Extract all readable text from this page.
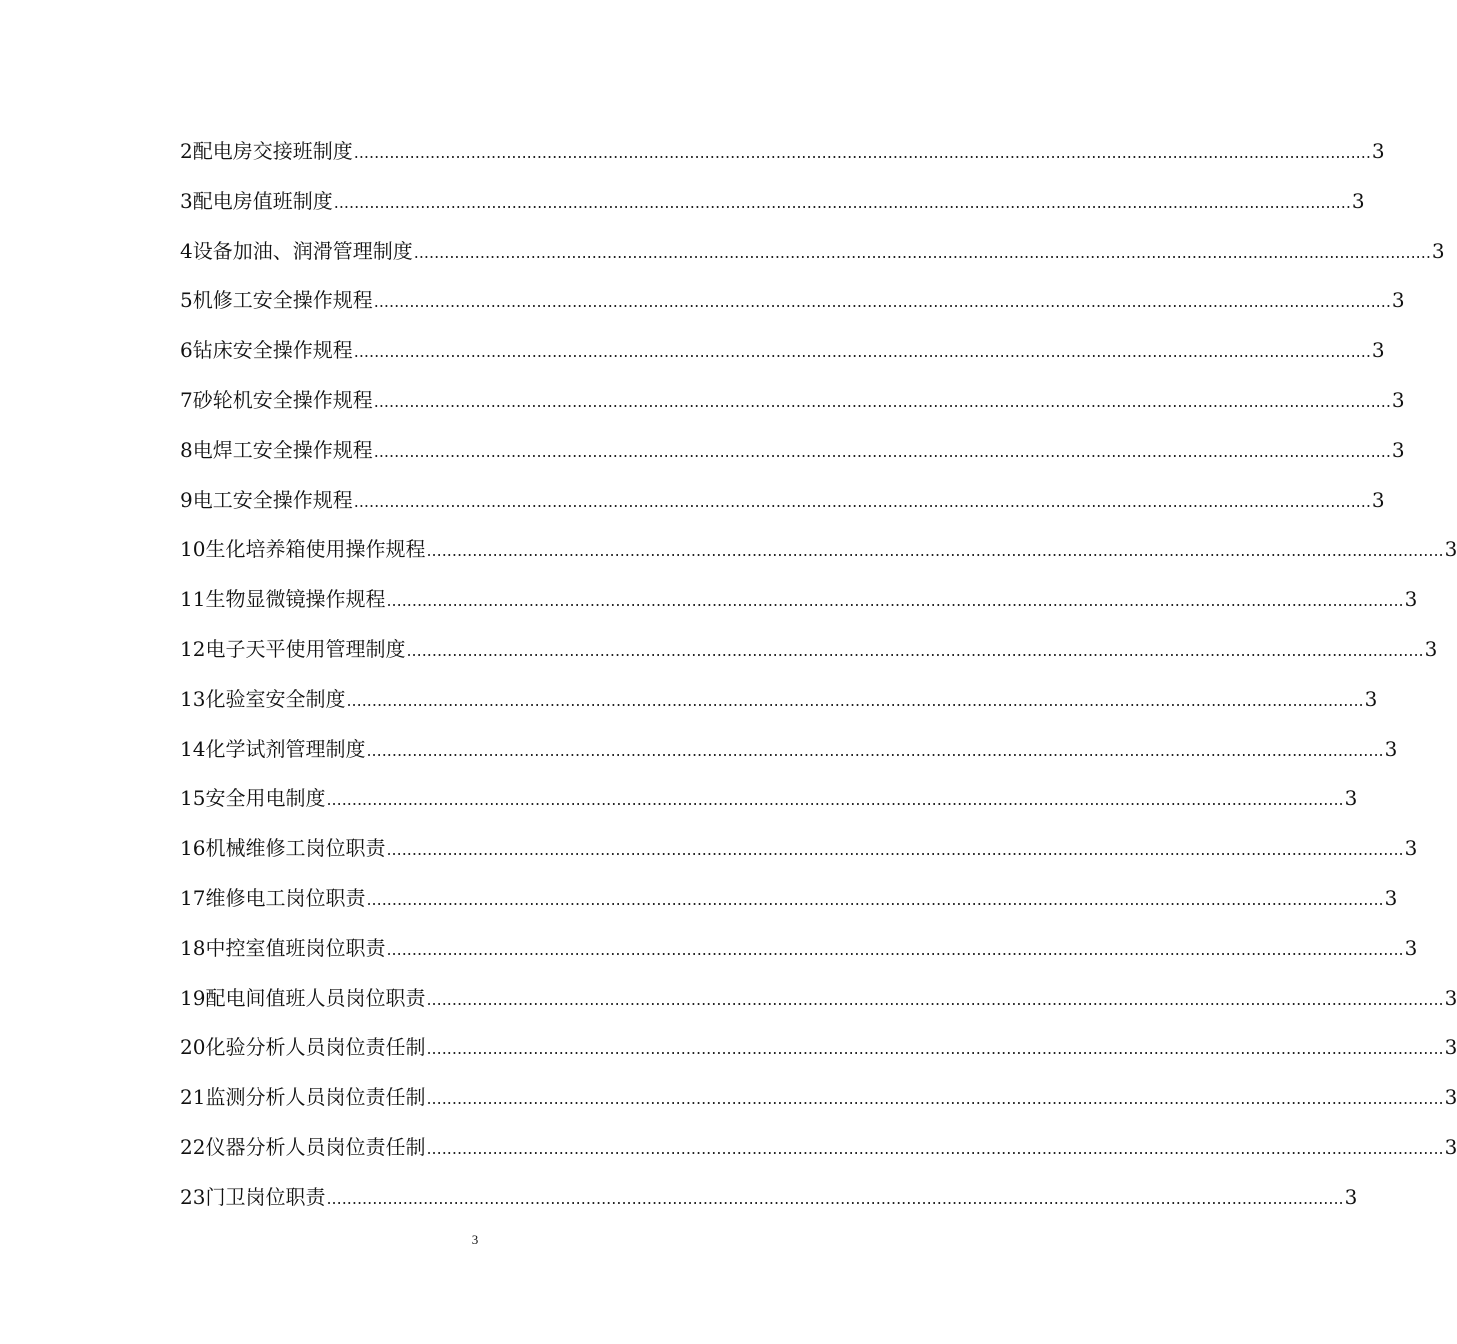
2 配电房交接班制度 ........................................................................................................................................................................................................ 3
3 配电房值班制度 ........................................................................................................................................................................................................ 3
4 设备加油、润滑管理制度 ........................................................................................................................................................................................................ 3
5 机修工安全操作规程 ........................................................................................................................................................................................................ 3
6 钻床安全操作规程 ........................................................................................................................................................................................................ 3
7 砂轮机安全操作规程 ........................................................................................................................................................................................................ 3
8 电焊工安全操作规程 ........................................................................................................................................................................................................ 3
9 电工安全操作规程 ........................................................................................................................................................................................................ 3
10 生化培养箱使用操作规程 ........................................................................................................................................................................................................ 3
11 生物显微镜操作规程 ........................................................................................................................................................................................................ 3
12 电子天平使用管理制度 ........................................................................................................................................................................................................ 3
13 化验室安全制度 ........................................................................................................................................................................................................ 3
14 化学试剂管理制度 ........................................................................................................................................................................................................ 3
15 安全用电制度 ........................................................................................................................................................................................................ 3
16 机械维修工岗位职责 ........................................................................................................................................................................................................ 3
17 维修电工岗位职责 ........................................................................................................................................................................................................ 3
18 中控室值班岗位职责 ........................................................................................................................................................................................................ 3
19 配电间值班人员岗位职责 ........................................................................................................................................................................................................ 3
20 化验分析人员岗位责任制 ........................................................................................................................................................................................................ 3
21 监测分析人员岗位责任制 ........................................................................................................................................................................................................ 3
22 仪器分析人员岗位责任制 ........................................................................................................................................................................................................ 3
23 门卫岗位职责 ........................................................................................................................................................................................................ 3
3
